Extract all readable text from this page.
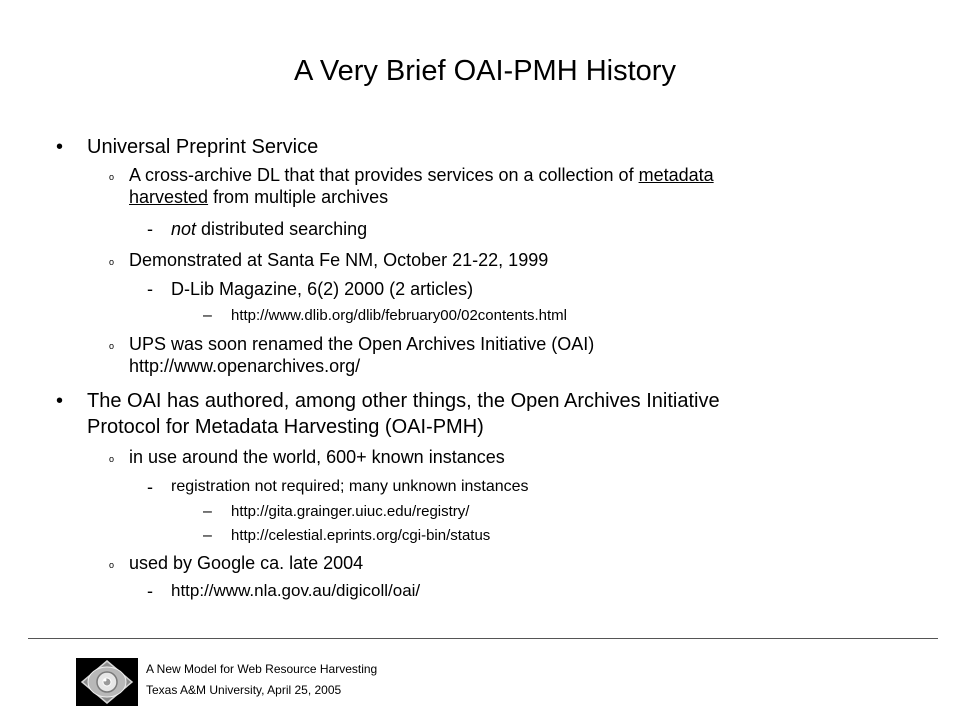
A Very Brief OAI-PMH History
• Universal Preprint Service
o A cross-archive DL that that provides services on a collection of metadata
harvested from multiple archives
- not distributed searching
o Demonstrated at Santa Fe NM, October 21-22, 1999
- D-Lib Magazine, 6(2) 2000 (2 articles)
– http://www.dlib.org/dlib/february00/02contents.html
o UPS was soon renamed the Open Archives Initiative (OAI)
http://www.openarchives.org/
• The OAI has authored, among other things, the Open Archives Initiative
Protocol for Metadata Harvesting (OAI-PMH)
o in use around the world, 600+ known instances
- registration not required; many unknown instances
– http://gita.grainger.uiuc.edu/registry/
– http://celestial.eprints.org/cgi-bin/status
o used by Google ca. late 2004
- http://www.nla.gov.au/digicoll/oai/
A New Model for Web Resource Harvesting
Texas A&M University, April 25, 2005
